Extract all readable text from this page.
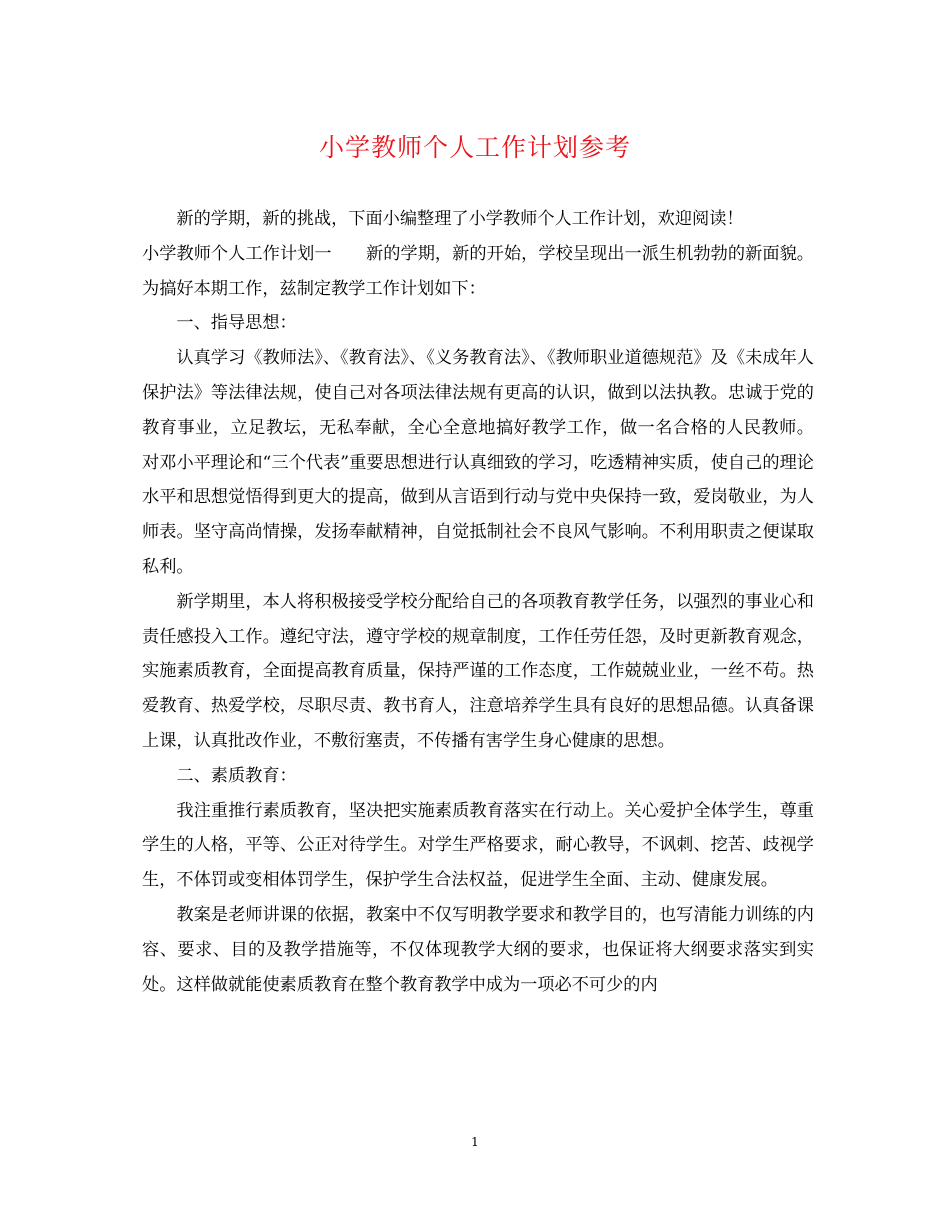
小学教师个人工作计划参考

新的学期，新的挑战，下面小编整理了小学教师个人工作计划，欢迎阅读！

小学教师个人工作计划一　　新的学期，新的开始，学校呈现出一派生机勃勃的新面貌。为搞好本期工作，兹制定教学工作计划如下：

一、指导思想：

认真学习《教师法》、《教育法》、《义务教育法》、《教师职业道德规范》及《未成年人保护法》等法律法规，使自己对各项法律法规有更高的认识，做到以法执教。忠诚于党的教育事业，立足教坛，无私奉献，全心全意地搞好教学工作，做一名合格的人民教师。 对邓小平理论和“三个代表”重要思想进行认真细致的学习，吃透精神实质，使自己的理论水平和思想觉悟得到更大的提高，做到从言语到行动与党中央保持一致，爱岗敬业，为人师表。坚守高尚情操，发扬奉献精神，自觉抵制社会不良风气影响。不利用职责之便谋取私利。

新学期里，本人将积极接受学校分配给自己的各项教育教学任务，以强烈的事业心和责任感投入工作。遵纪守法，遵守学校的规章制度，工作任劳任怨，及时更新教育观念，实施素质教育，全面提高教育质量，保持严谨的工作态度，工作兢兢业业，一丝不苟。热爱教育、热爱学校，尽职尽责、教书育人，注意培养学生具有良好的思想品德。认真备课上课，认真批改作业，不敷衍塞责，不传播有害学生身心健康的思想。

二、素质教育：

我注重推行素质教育，坚决把实施素质教育落实在行动上。关心爱护全体学生，尊重学生的人格，平等、公正对待学生。对学生严格要求，耐心教导，不讽刺、挖苦、歧视学生，不体罚或变相体罚学生，保护学生合法权益，促进学生全面、主动、健康发展。

教案是老师讲课的依据，教案中不仅写明教学要求和教学目的，也写清能力训练的内容、要求、目的及教学措施等，不仅体现教学大纲的要求，也保证将大纲要求落实到实处。这样做就能使素质教育在整个教育教学中成为一项必不可少的内

1
